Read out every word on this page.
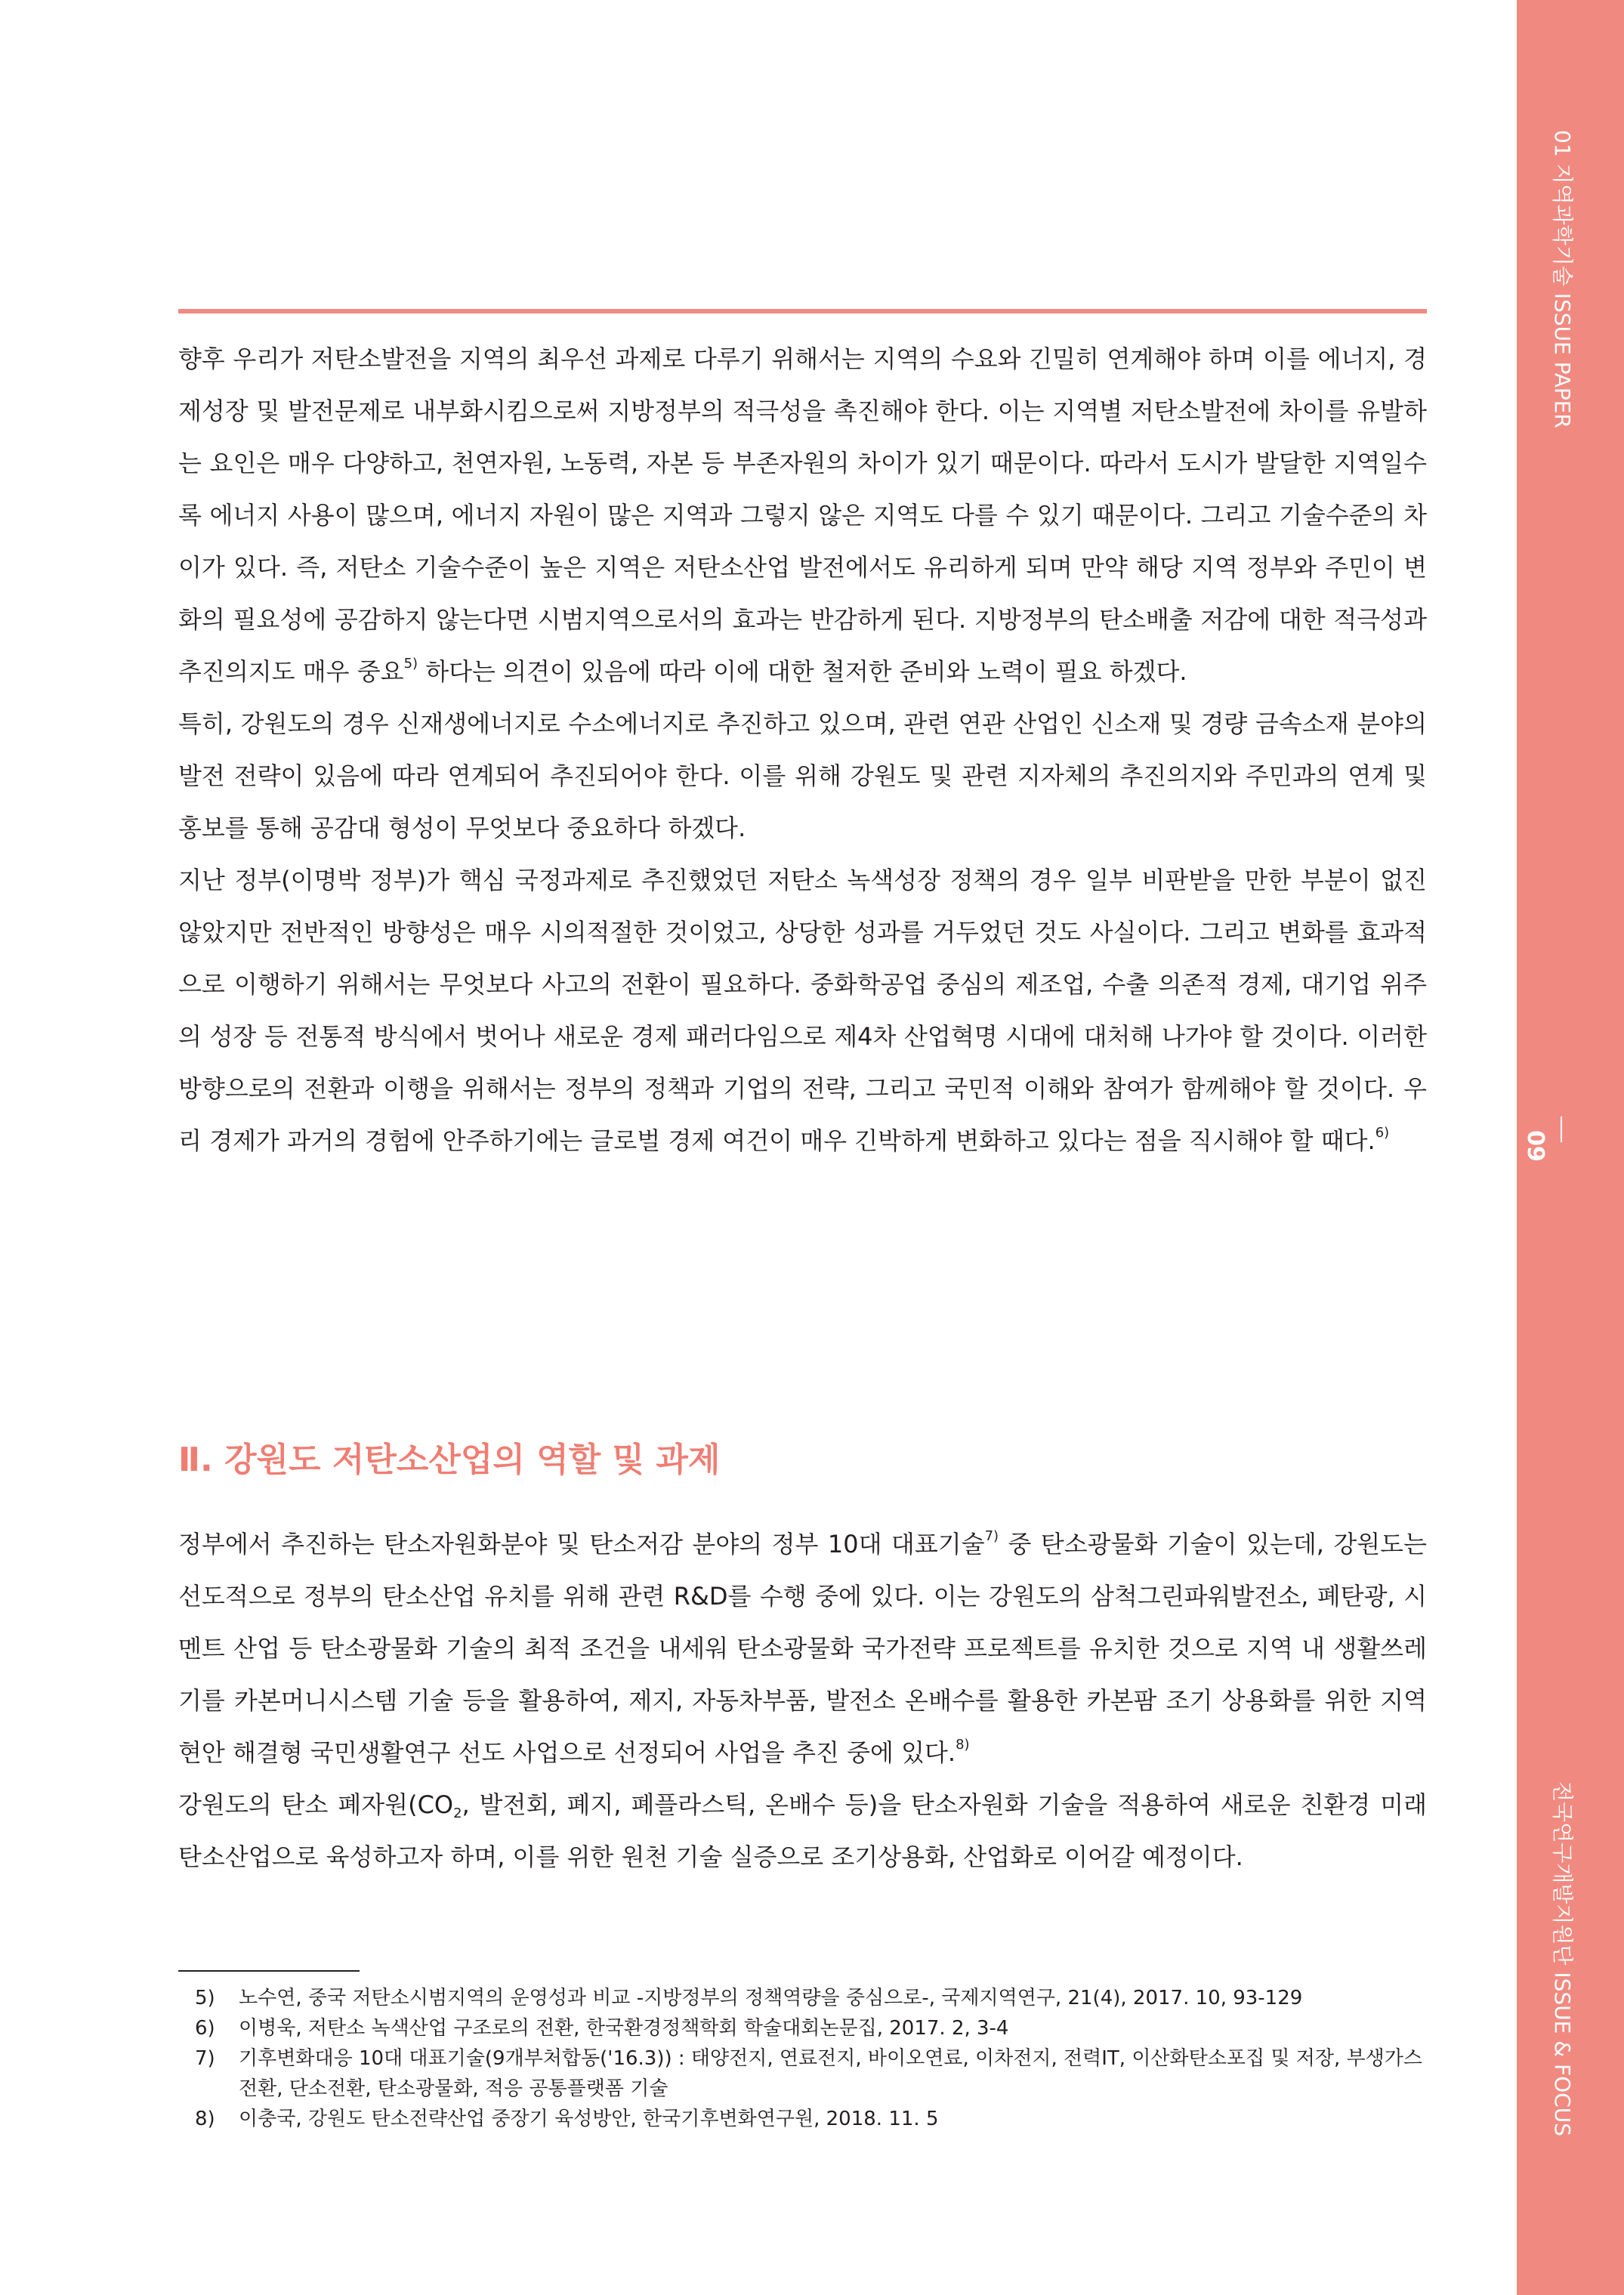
01 지역과학기술 ISSUE PAPER
09
전국연구개발지원단 ISSUE & FOCUS

향후 우리가 저탄소발전을 지역의 최우선 과제로 다루기 위해서는 지역의 수요와 긴밀히 연계해야 하며 이를 에너지, 경제성장 및 발전문제로 내부화시킴으로써 지방정부의 적극성을 촉진해야 한다. 이는 지역별 저탄소발전에 차이를 유발하는 요인은 매우 다양하고, 천연자원, 노동력, 자본 등 부존자원의 차이가 있기 때문이다. 따라서 도시가 발달한 지역일수록 에너지 사용이 많으며, 에너지 자원이 많은 지역과 그렇지 않은 지역도 다를 수 있기 때문이다. 그리고 기술수준의 차이가 있다. 즉, 저탄소 기술수준이 높은 지역은 저탄소산업 발전에서도 유리하게 되며 만약 해당 지역 정부와 주민이 변화의 필요성에 공감하지 않는다면 시범지역으로서의 효과는 반감하게 된다. 지방정부의 탄소배출 저감에 대한 적극성과 추진의지도 매우 중요$^{5)}$ 하다는 의견이 있음에 따라 이에 대한 철저한 준비와 노력이 필요 하겠다.

특히, 강원도의 경우 신재생에너지로 수소에너지로 추진하고 있으며, 관련 연관 산업인 신소재 및 경량 금속소재 분야의 발전 전략이 있음에 따라 연계되어 추진되어야 한다. 이를 위해 강원도 및 관련 지자체의 추진의지와 주민과의 연계 및 홍보를 통해 공감대 형성이 무엇보다 중요하다 하겠다.

지난 정부(이명박 정부)가 핵심 국정과제로 추진했었던 저탄소 녹색성장 정책의 경우 일부 비판받을 만한 부분이 없진 않았지만 전반적인 방향성은 매우 시의적절한 것이었고, 상당한 성과를 거두었던 것도 사실이다. 그리고 변화를 효과적으로 이행하기 위해서는 무엇보다 사고의 전환이 필요하다. 중화학공업 중심의 제조업, 수출 의존적 경제, 대기업 위주의 성장 등 전통적 방식에서 벗어나 새로운 경제 패러다임으로 제4차 산업혁명 시대에 대처해 나가야 할 것이다. 이러한 방향으로의 전환과 이행을 위해서는 정부의 정책과 기업의 전략, 그리고 국민적 이해와 참여가 함께해야 할 것이다. 우리 경제가 과거의 경험에 안주하기에는 글로벌 경제 여건이 매우 긴박하게 변화하고 있다는 점을 직시해야 할 때다.$^{6)}$

Ⅱ. 강원도 저탄소산업의 역할 및 과제

정부에서 추진하는 탄소자원화분야 및 탄소저감 분야의 정부 10대 대표기술$^{7)}$ 중 탄소광물화 기술이 있는데, 강원도는 선도적으로 정부의 탄소산업 유치를 위해 관련 R&D를 수행 중에 있다. 이는 강원도의 삼척그린파워발전소, 폐탄광, 시멘트 산업 등 탄소광물화 기술의 최적 조건을 내세워 탄소광물화 국가전략 프로젝트를 유치한 것으로 지역 내 생활쓰레기를 카본머니시스템 기술 등을 활용하여, 제지, 자동차부품, 발전소 온배수를 활용한 카본팜 조기 상용화를 위한 지역 현안 해결형 국민생활연구 선도 사업으로 선정되어 사업을 추진 중에 있다.$^{8)}$

강원도의 탄소 폐자원($CO_2$, 발전회, 폐지, 폐플라스틱, 온배수 등)을 탄소자원화 기술을 적용하여 새로운 친환경 미래 탄소산업으로 육성하고자 하며, 이를 위한 원천 기술 실증으로 조기상용화, 산업화로 이어갈 예정이다.

5)	노수연, 중국 저탄소시범지역의 운영성과 비교 -지방정부의 정책역량을 중심으로-, 국제지역연구, 21(4), 2017. 10, 93-129
6)	이병욱, 저탄소 녹색산업 구조로의 전환, 한국환경정책학회 학술대회논문집, 2017. 2, 3-4
7)	기후변화대응 10대 대표기술(9개부처합동('16.3)) : 태양전지, 연료전지, 바이오연료, 이차전지, 전력IT, 이산화탄소포집 및 저장, 부생가스 전환, 단소전환, 탄소광물화, 적응 공통플랫폼 기술
8)	이충국, 강원도 탄소전략산업 중장기 육성방안, 한국기후변화연구원, 2018. 11. 5
